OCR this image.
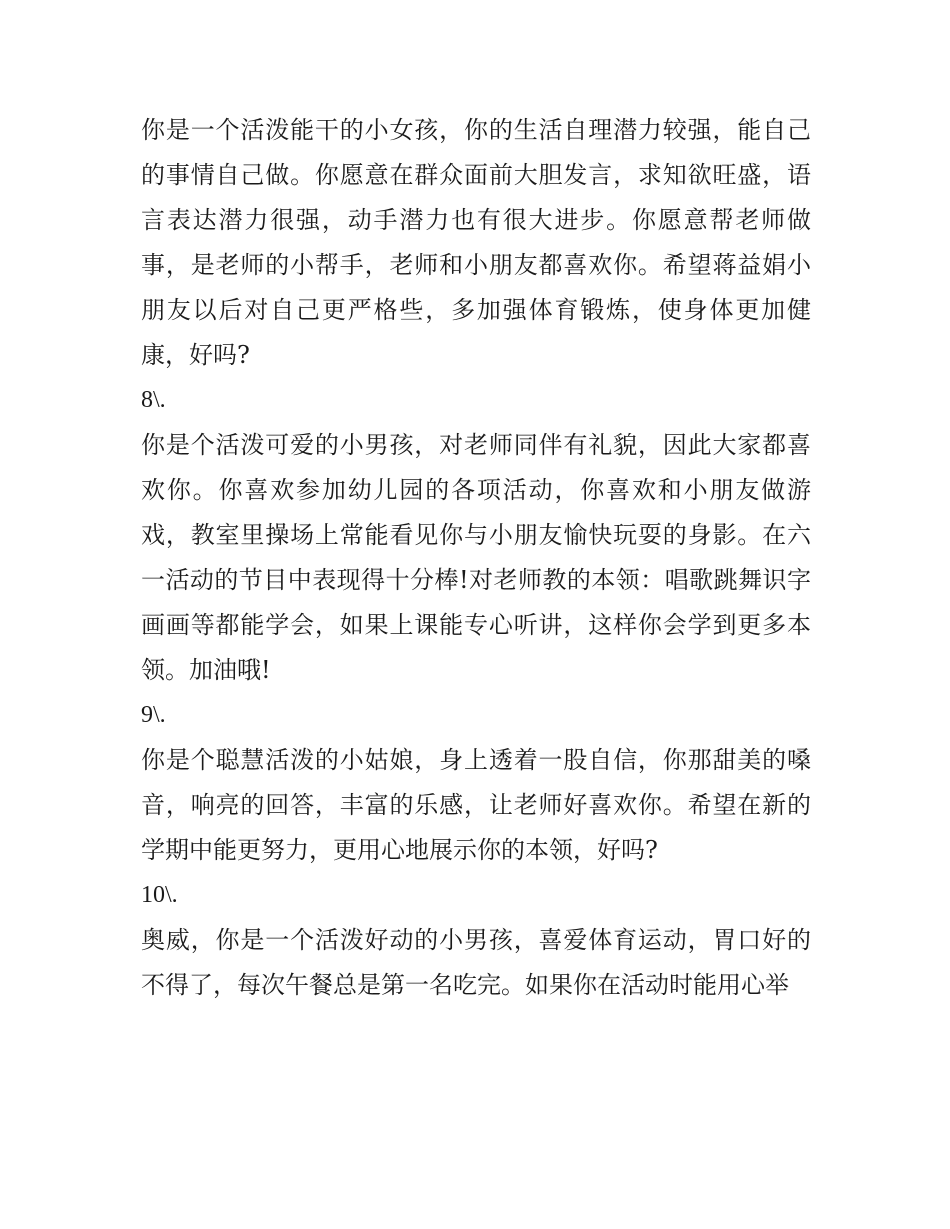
你是一个活泼能干的小女孩，你的生活自理潜力较强，能自己的事情自己做。你愿意在群众面前大胆发言，求知欲旺盛，语言表达潜力很强，动手潜力也有很大进步。你愿意帮老师做事，是老师的小帮手，老师和小朋友都喜欢你。希望蒋益娟小朋友以后对自己更严格些，多加强体育锻炼，使身体更加健康，好吗?

8\.

你是个活泼可爱的小男孩，对老师同伴有礼貌，因此大家都喜欢你。你喜欢参加幼儿园的各项活动，你喜欢和小朋友做游戏，教室里操场上常能看见你与小朋友愉快玩耍的身影。在六一活动的节目中表现得十分棒!对老师教的本领：唱歌跳舞识字画画等都能学会，如果上课能专心听讲，这样你会学到更多本领。加油哦!

9\.

你是个聪慧活泼的小姑娘，身上透着一股自信，你那甜美的嗓音，响亮的回答，丰富的乐感，让老师好喜欢你。希望在新的学期中能更努力，更用心地展示你的本领，好吗?

10\.

奥威，你是一个活泼好动的小男孩，喜爱体育运动，胃口好的不得了，每次午餐总是第一名吃完。如果你在活动时能用心举
